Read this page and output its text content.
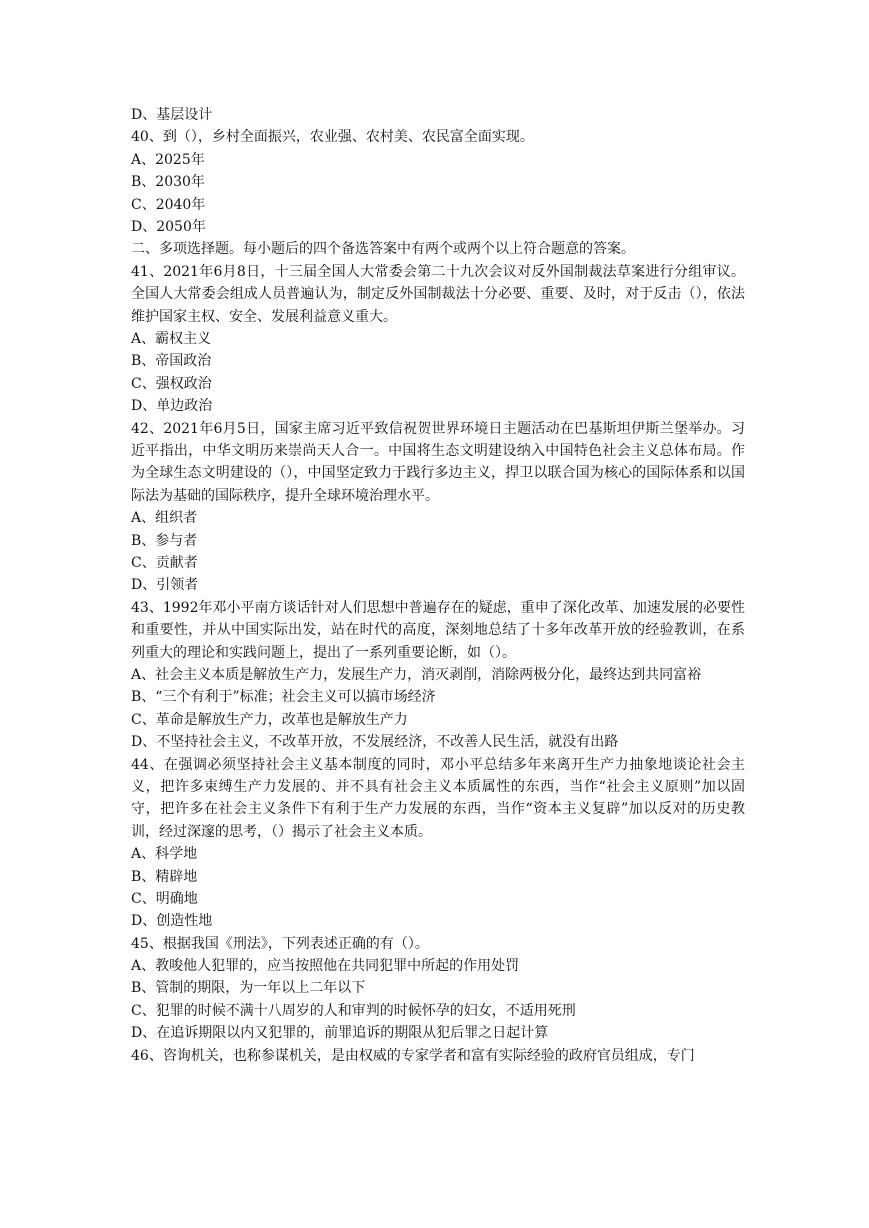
D、基层设计
40、到（），乡村全面振兴，农业强、农村美、农民富全面实现。
A、2025年
B、2030年
C、2040年
D、2050年
二、多项选择题。每小题后的四个备选答案中有两个或两个以上符合题意的答案。
41、2021年6月8日，十三届全国人大常委会第二十九次会议对反外国制裁法草案进行分组审议。全国人大常委会组成人员普遍认为，制定反外国制裁法十分必要、重要、及时，对于反击（），依法维护国家主权、安全、发展利益意义重大。
A、霸权主义
B、帝国政治
C、强权政治
D、单边政治
42、2021年6月5日，国家主席习近平致信祝贺世界环境日主题活动在巴基斯坦伊斯兰堡举办。习近平指出，中华文明历来崇尚天人合一。中国将生态文明建设纳入中国特色社会主义总体布局。作为全球生态文明建设的（），中国坚定致力于践行多边主义，捍卫以联合国为核心的国际体系和以国际法为基础的国际秩序，提升全球环境治理水平。
A、组织者
B、参与者
C、贡献者
D、引领者
43、1992年邓小平南方谈话针对人们思想中普遍存在的疑虑，重申了深化改革、加速发展的必要性和重要性，并从中国实际出发，站在时代的高度，深刻地总结了十多年改革开放的经验教训，在系列重大的理论和实践问题上，提出了一系列重要论断，如（）。
A、社会主义本质是解放生产力，发展生产力，消灭剥削，消除两极分化，最终达到共同富裕
B、“三个有利于”标准；社会主义可以搞市场经济
C、革命是解放生产力，改革也是解放生产力
D、不坚持社会主义，不改革开放，不发展经济，不改善人民生活，就没有出路
44、在强调必须坚持社会主义基本制度的同时，邓小平总结多年来离开生产力抽象地谈论社会主义，把许多束缚生产力发展的、并不具有社会主义本质属性的东西，当作“社会主义原则”加以固守，把许多在社会主义条件下有利于生产力发展的东西，当作“资本主义复辟”加以反对的历史教训，经过深邃的思考，（）揭示了社会主义本质。
A、科学地
B、精辟地
C、明确地
D、创造性地
45、根据我国《刑法》，下列表述正确的有（）。
A、教唆他人犯罪的，应当按照他在共同犯罪中所起的作用处罚
B、管制的期限，为一年以上二年以下
C、犯罪的时候不满十八周岁的人和审判的时候怀孕的妇女，不适用死刑
D、在追诉期限以内又犯罪的，前罪追诉的期限从犯后罪之日起计算
46、咨询机关，也称参谋机关，是由权威的专家学者和富有实际经验的政府官员组成，专门
